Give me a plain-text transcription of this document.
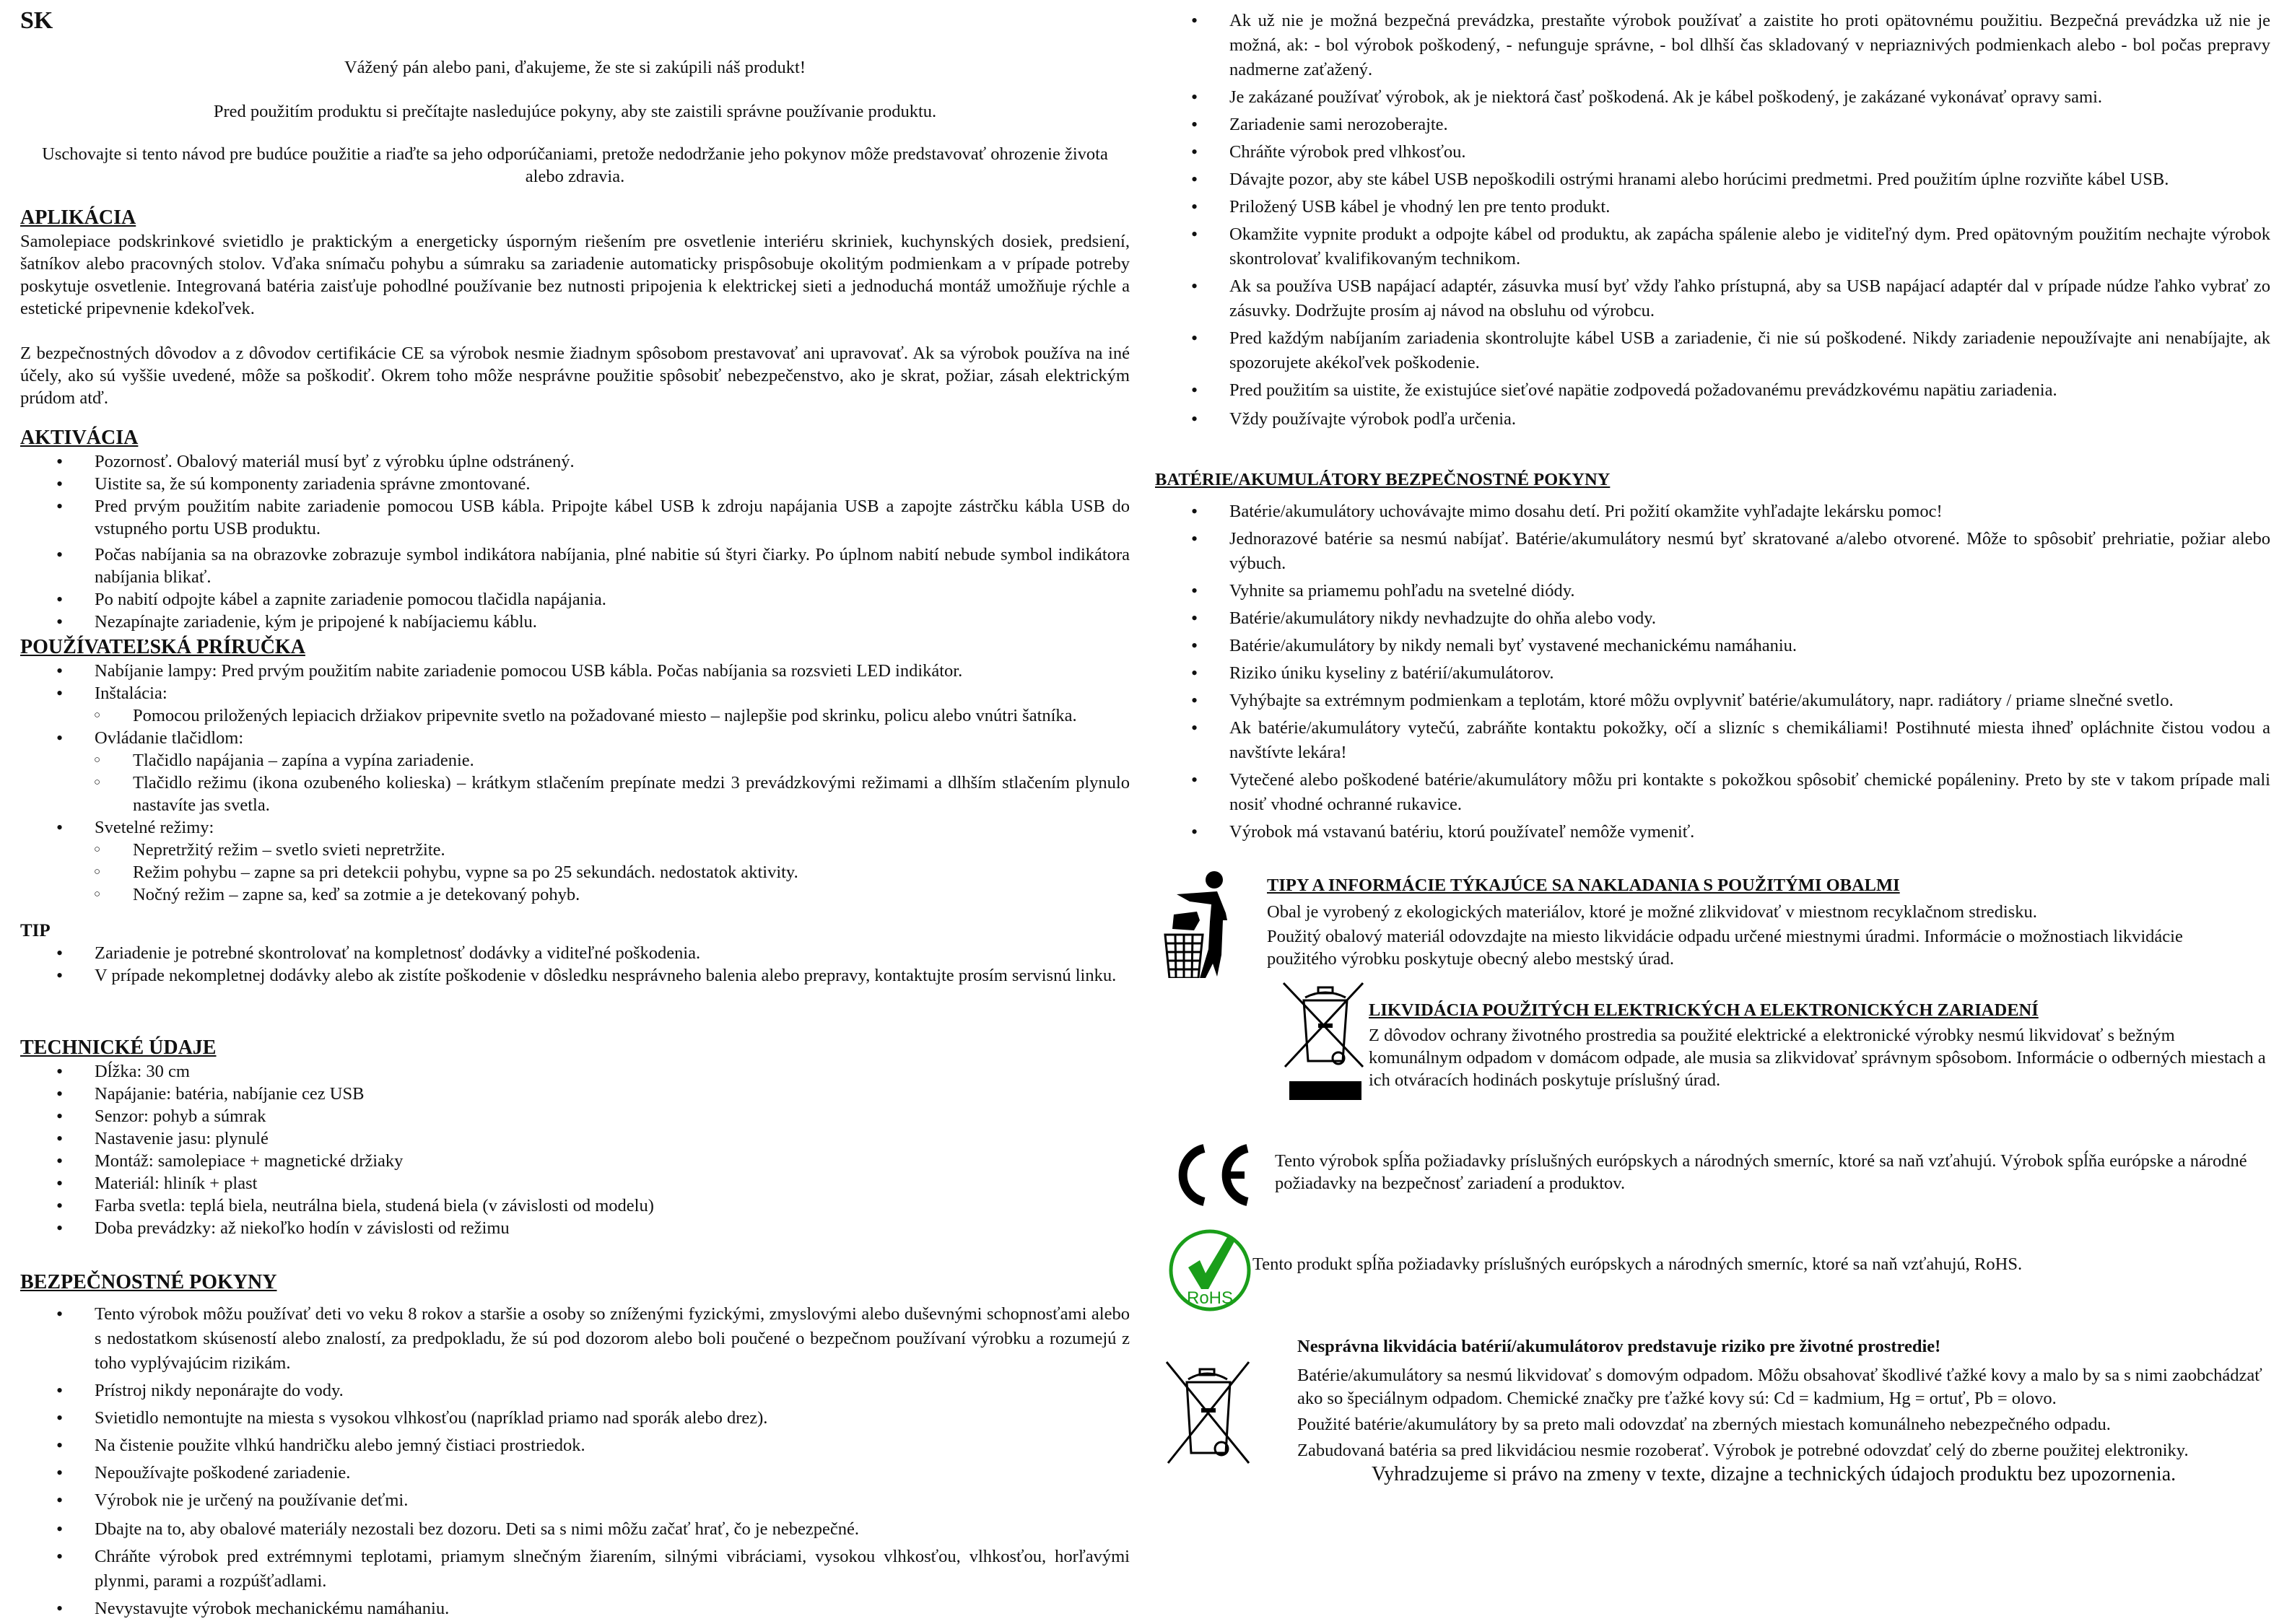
SK

Vážený pán alebo pani, ďakujeme, že ste si zakúpili náš produkt!

Pred použitím produktu si prečítajte nasledujúce pokyny, aby ste zaistili správne používanie produktu.

Uschovajte si tento návod pre budúce použitie a riaďte sa jeho odporúčaniami, pretože nedodržanie jeho pokynov môže predstavovať ohrozenie života alebo zdravia.

APLIKÁCIA

Samolepiace podskrinkové svietidlo je praktickým a energeticky úsporným riešením pre osvetlenie interiéru skriniek, kuchynských dosiek, predsiení, šatníkov alebo pracovných stolov. Vďaka snímaču pohybu a súmraku sa zariadenie automaticky prispôsobuje okolitým podmienkam a v prípade potreby poskytuje osvetlenie. Integrovaná batéria zaisťuje pohodlné používanie bez nutnosti pripojenia k elektrickej sieti a jednoduchá montáž umožňuje rýchle a estetické pripevnenie kdekoľvek.

Z bezpečnostných dôvodov a z dôvodov certifikácie CE sa výrobok nesmie žiadnym spôsobom prestavovať ani upravovať. Ak sa výrobok používa na iné účely, ako sú vyššie uvedené, môže sa poškodiť. Okrem toho môže nesprávne použitie spôsobiť nebezpečenstvo, ako je skrat, požiar, zásah elektrickým prúdom atď.

AKTIVÁCIA
• Pozornosť. Obalový materiál musí byť z výrobku úplne odstránený.
• Uistite sa, že sú komponenty zariadenia správne zmontované.
• Pred prvým použitím nabite zariadenie pomocou USB kábla. Pripojte kábel USB k zdroju napájania USB a zapojte zástrčku kábla USB do vstupného portu USB produktu.
• Počas nabíjania sa na obrazovke zobrazuje symbol indikátora nabíjania, plné nabitie sú štyri čiarky. Po úplnom nabití nebude symbol indikátora nabíjania blikať.
• Po nabití odpojte kábel a zapnite zariadenie pomocou tlačidla napájania.
• Nezapínajte zariadenie, kým je pripojené k nabíjaciemu káblu.
POUŽÍVATEĽSKÁ PRÍRUČKA
• Nabíjanie lampy: Pred prvým použitím nabite zariadenie pomocou USB kábla. Počas nabíjania sa rozsvieti LED indikátor.
• Inštalácia:
○ Pomocou priložených lepiacich držiakov pripevnite svetlo na požadované miesto – najlepšie pod skrinku, policu alebo vnútri šatníka.
• Ovládanie tlačidlom:
○ Tlačidlo napájania – zapína a vypína zariadenie.
○ Tlačidlo režimu (ikona ozubeného kolieska) – krátkym stlačením prepínate medzi 3 prevádzkovými režimami a dlhším stlačením plynulo nastavíte jas svetla.
• Svetelné režimy:
○ Nepretržitý režim – svetlo svieti nepretržite.
○ Režim pohybu – zapne sa pri detekcii pohybu, vypne sa po 25 sekundách. nedostatok aktivity.
○ Nočný režim – zapne sa, keď sa zotmie a je detekovaný pohyb.
TIP
• Zariadenie je potrebné skontrolovať na kompletnosť dodávky a viditeľné poškodenia.
• V prípade nekompletnej dodávky alebo ak zistíte poškodenie v dôsledku nesprávneho balenia alebo prepravy, kontaktujte prosím servisnú linku.
TECHNICKÉ ÚDAJE
• Dĺžka: 30 cm
• Napájanie: batéria, nabíjanie cez USB
• Senzor: pohyb a súmrak
• Nastavenie jasu: plynulé
• Montáž: samolepiace + magnetické držiaky
• Materiál: hliník + plast
• Farba svetla: teplá biela, neutrálna biela, studená biela (v závislosti od modelu)
• Doba prevádzky: až niekoľko hodín v závislosti od režimu
BEZPEČNOSTNÉ POKYNY
• Tento výrobok môžu používať deti vo veku 8 rokov a staršie a osoby so zníženými fyzickými, zmyslovými alebo duševnými schopnosťami alebo s nedostatkom skúseností alebo znalostí, za predpokladu, že sú pod dozorom alebo boli poučené o bezpečnom používaní výrobku a rozumejú z toho vyplývajúcim rizikám.
• Prístroj nikdy neponárajte do vody.
• Svietidlo nemontujte na miesta s vysokou vlhkosťou (napríklad priamo nad sporák alebo drez).
• Na čistenie použite vlhkú handričku alebo jemný čistiaci prostriedok.
• Nepoužívajte poškodené zariadenie.
• Výrobok nie je určený na používanie deťmi.
• Dbajte na to, aby obalové materiály nezostali bez dozoru. Deti sa s nimi môžu začať hrať, čo je nebezpečné.
• Chráňte výrobok pred extrémnymi teplotami, priamym slnečným žiarením, silnými vibráciami, vysokou vlhkosťou, vlhkosťou, horľavými plynmi, parami a rozpúšťadlami.
• Nevystavujte výrobok mechanickému namáhaniu.
• Ak už nie je možná bezpečná prevádzka, prestaňte výrobok používať a zaistite ho proti opätovnému použitiu. Bezpečná prevádzka už nie je možná, ak: - bol výrobok poškodený, - nefunguje správne, - bol dlhší čas skladovaný v nepriaznivých podmienkach alebo - bol počas prepravy nadmerne zaťažený.
• Je zakázané používať výrobok, ak je niektorá časť poškodená. Ak je kábel poškodený, je zakázané vykonávať opravy sami.
• Zariadenie sami nerozoberajte.
• Chráňte výrobok pred vlhkosťou.
• Dávajte pozor, aby ste kábel USB nepoškodili ostrými hranami alebo horúcimi predmetmi. Pred použitím úplne rozviňte kábel USB.
• Priložený USB kábel je vhodný len pre tento produkt.
• Okamžite vypnite produkt a odpojte kábel od produktu, ak zapácha spálenie alebo je viditeľný dym. Pred opätovným použitím nechajte výrobok skontrolovať kvalifikovaným technikom.
• Ak sa používa USB napájací adaptér, zásuvka musí byť vždy ľahko prístupná, aby sa USB napájací adaptér dal v prípade núdze ľahko vybrať zo zásuvky. Dodržujte prosím aj návod na obsluhu od výrobcu.
• Pred každým nabíjaním zariadenia skontrolujte kábel USB a zariadenie, či nie sú poškodené. Nikdy zariadenie nepoužívajte ani nenabíjajte, ak spozorujete akékoľvek poškodenie.
• Pred použitím sa uistite, že existujúce sieťové napätie zodpovedá požadovanému prevádzkovému napätiu zariadenia.
• Vždy používajte výrobok podľa určenia.
BATÉRIE/AKUMULÁTORY BEZPEČNOSTNÉ POKYNY
• Batérie/akumulátory uchovávajte mimo dosahu detí. Pri požití okamžite vyhľadajte lekársku pomoc!
• Jednorazové batérie sa nesmú nabíjať. Batérie/akumulátory nesmú byť skratované a/alebo otvorené. Môže to spôsobiť prehriatie, požiar alebo výbuch.
• Vyhnite sa priamemu pohľadu na svetelné diódy.
• Batérie/akumulátory nikdy nevhadzujte do ohňa alebo vody.
• Batérie/akumulátory by nikdy nemali byť vystavené mechanickému namáhaniu.
• Riziko úniku kyseliny z batérií/akumulátorov.
• Vyhýbajte sa extrémnym podmienkam a teplotám, ktoré môžu ovplyvniť batérie/akumulátory, napr. radiátory / priame slnečné svetlo.
• Ak batérie/akumulátory vytečú, zabráňte kontaktu pokožky, očí a slizníc s chemikáliami! Postihnuté miesta ihneď opláchnite čistou vodou a navštívte lekára!
• Vytečené alebo poškodené batérie/akumulátory môžu pri kontakte s pokožkou spôsobiť chemické popáleniny. Preto by ste v takom prípade mali nosiť vhodné ochranné rukavice.
• Výrobok má vstavanú batériu, ktorú používateľ nemôže vymeniť.
TIPY A INFORMÁCIE TÝKAJÚCE SA NAKLADANIA S POUŽITÝMI OBALMI

Obal je vyrobený z ekologických materiálov, ktoré je možné zlikvidovať v miestnom recyklačnom stredisku.

Použitý obalový materiál odovzdajte na miesto likvidácie odpadu určené miestnymi úradmi. Informácie o možnostiach likvidácie použitého výrobku poskytuje obecný alebo mestský úrad.

LIKVIDÁCIA POUŽITÝCH ELEKTRICKÝCH A ELEKTRONICKÝCH ZARIADENÍ

Z dôvodov ochrany životného prostredia sa použité elektrické a elektronické výrobky nesmú likvidovať s bežným komunálnym odpadom v domácom odpade, ale musia sa zlikvidovať správnym spôsobom. Informácie o odberných miestach a ich otváracích hodinách poskytuje príslušný úrad.

Tento výrobok spĺňa požiadavky príslušných európskych a národných smerníc, ktoré sa naň vzťahujú. Výrobok spĺňa európske a národné požiadavky na bezpečnosť zariadení a produktov.
RoHS
Tento produkt spĺňa požiadavky príslušných európskych a národných smerníc, ktoré sa naň vzťahujú, RoHS.
Nesprávna likvidácia batérií/akumulátorov predstavuje riziko pre životné prostredie!

Batérie/akumulátory sa nesmú likvidovať s domovým odpadom. Môžu obsahovať škodlivé ťažké kovy a malo by sa s nimi zaobchádzať ako so špeciálnym odpadom. Chemické značky pre ťažké kovy sú: Cd = kadmium, Hg = ortuť, Pb = olovo.

Použité batérie/akumulátory by sa preto mali odovzdať na zberných miestach komunálneho nebezpečného odpadu.

Zabudovaná batéria sa pred likvidáciou nesmie rozoberať. Výrobok je potrebné odovzdať celý do zberne použitej elektroniky.

Vyhradzujeme si právo na zmeny v texte, dizajne a technických údajoch produktu bez upozornenia.
